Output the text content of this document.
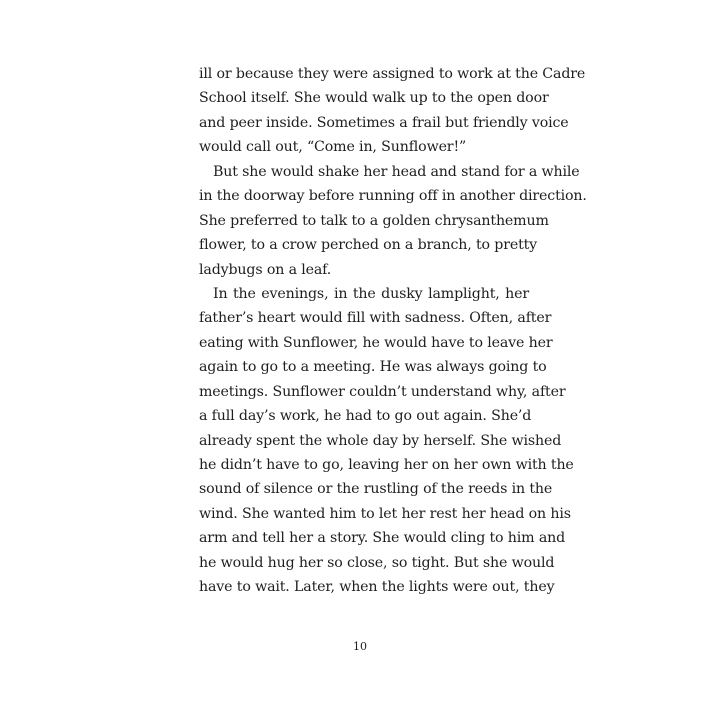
ill or because they were assigned to work at the Cadre
School itself. She would walk up to the open door
and peer inside. Sometimes a frail but friendly voice
would call out, “Come in, Sunflower!”
But she would shake her head and stand for a while
in the doorway before running off in another direction.
She preferred to talk to a golden chrysanthemum
flower, to a crow perched on a branch, to pretty
ladybugs on a leaf.
In the evenings, in the dusky lamplight, her
father’s heart would fill with sadness. Often, after
eating with Sunflower, he would have to leave her
again to go to a meeting. He was always going to
meetings. Sunflower couldn’t understand why, after
a full day’s work, he had to go out again. She’d
already spent the whole day by herself. She wished
he didn’t have to go, leaving her on her own with the
sound of silence or the rustling of the reeds in the
wind. She wanted him to let her rest her head on his
arm and tell her a story. She would cling to him and
he would hug her so close, so tight. But she would
have to wait. Later, when the lights were out, they
10
